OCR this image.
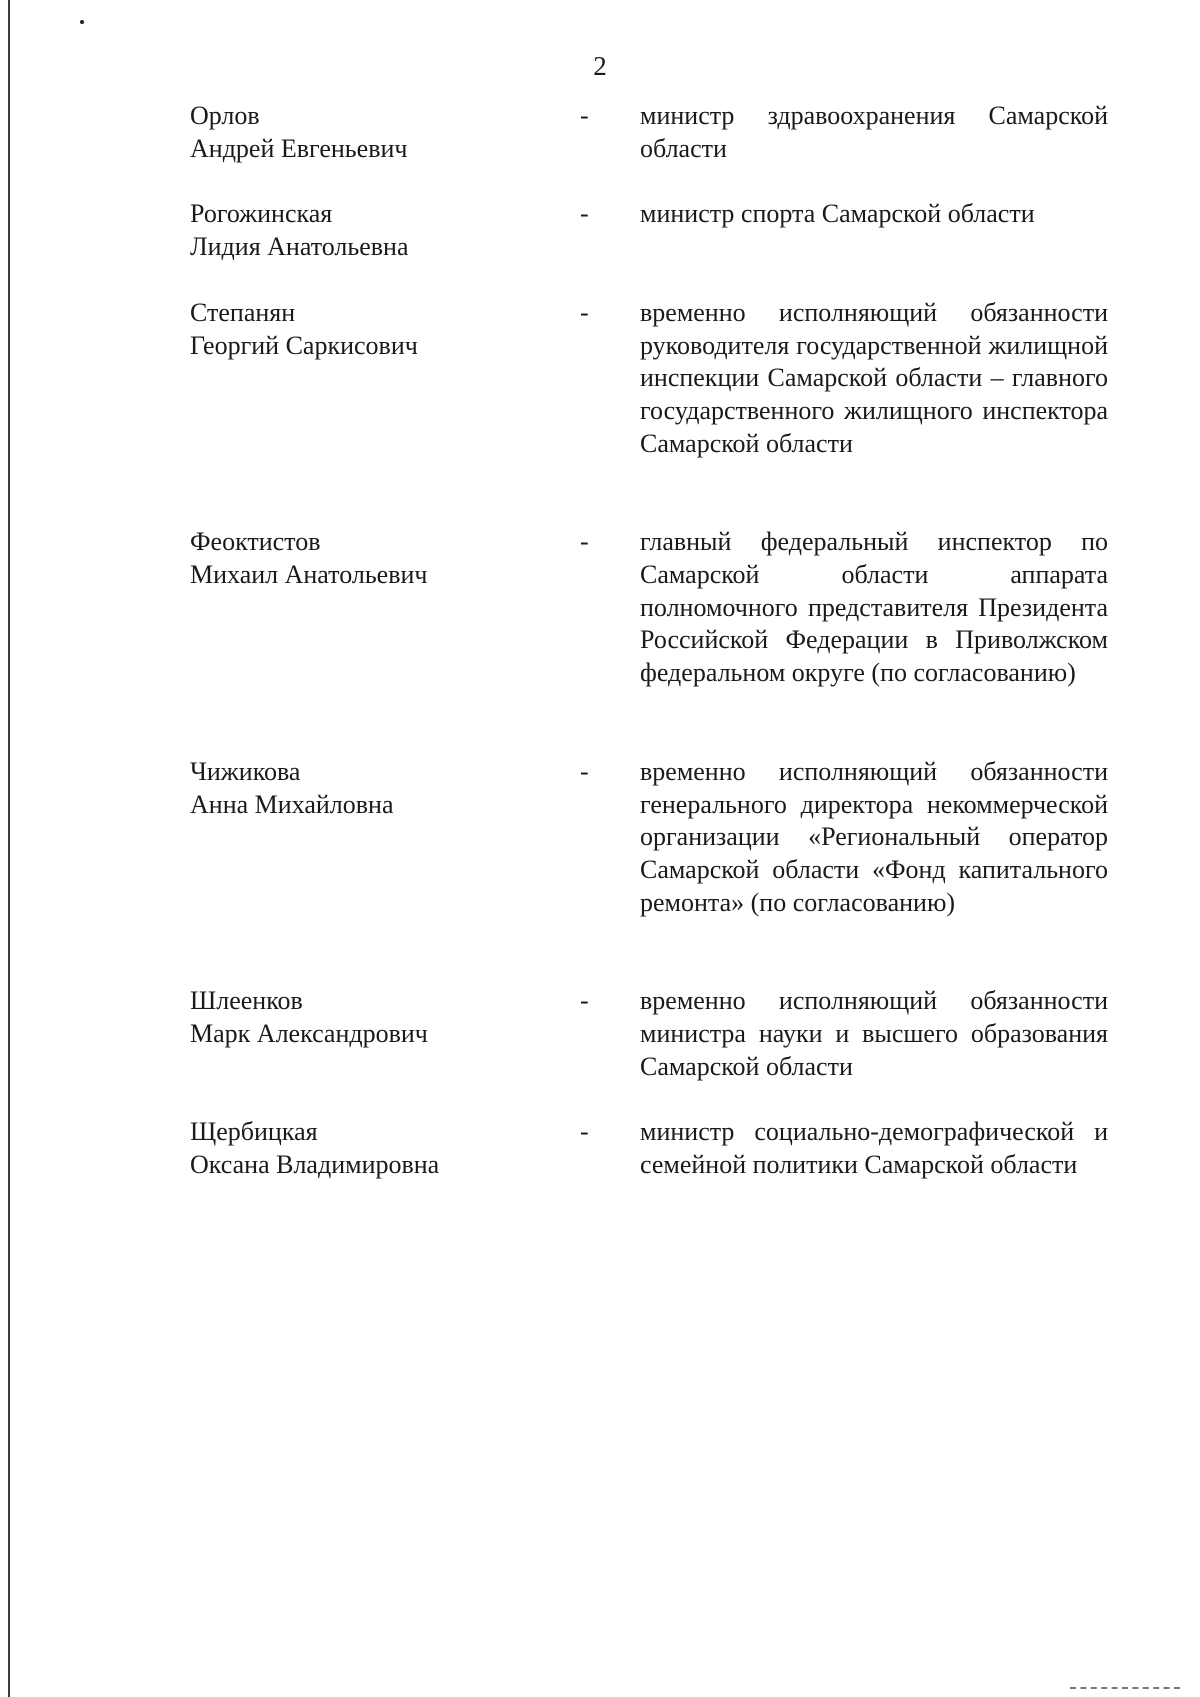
2
Орлов
Андрей Евгеньевич
-	министр здравоохранения Самарской области
Рогожинская
Лидия Анатольевна
-	министр спорта Самарской области
Степанян
Георгий Саркисович
-	временно исполняющий обязанности руководителя государственной жилищной инспекции Самарской области – главного государственного жилищного инспектора Самарской области
Феоктистов
Михаил Анатольевич
-	главный федеральный инспектор по Самарской области аппарата полномочного представителя Президента Российской Федерации в Приволжском федеральном округе (по согласованию)
Чижикова
Анна Михайловна
-	временно исполняющий обязанности генерального директора некоммерческой организации «Региональный оператор Самарской области «Фонд капитального ремонта» (по согласованию)
Шлеенков
Марк Александрович
-	временно исполняющий обязанности министра науки и высшего образования Самарской области
Щербицкая
Оксана Владимировна
-	министр социально-демографической и семейной политики Самарской области
